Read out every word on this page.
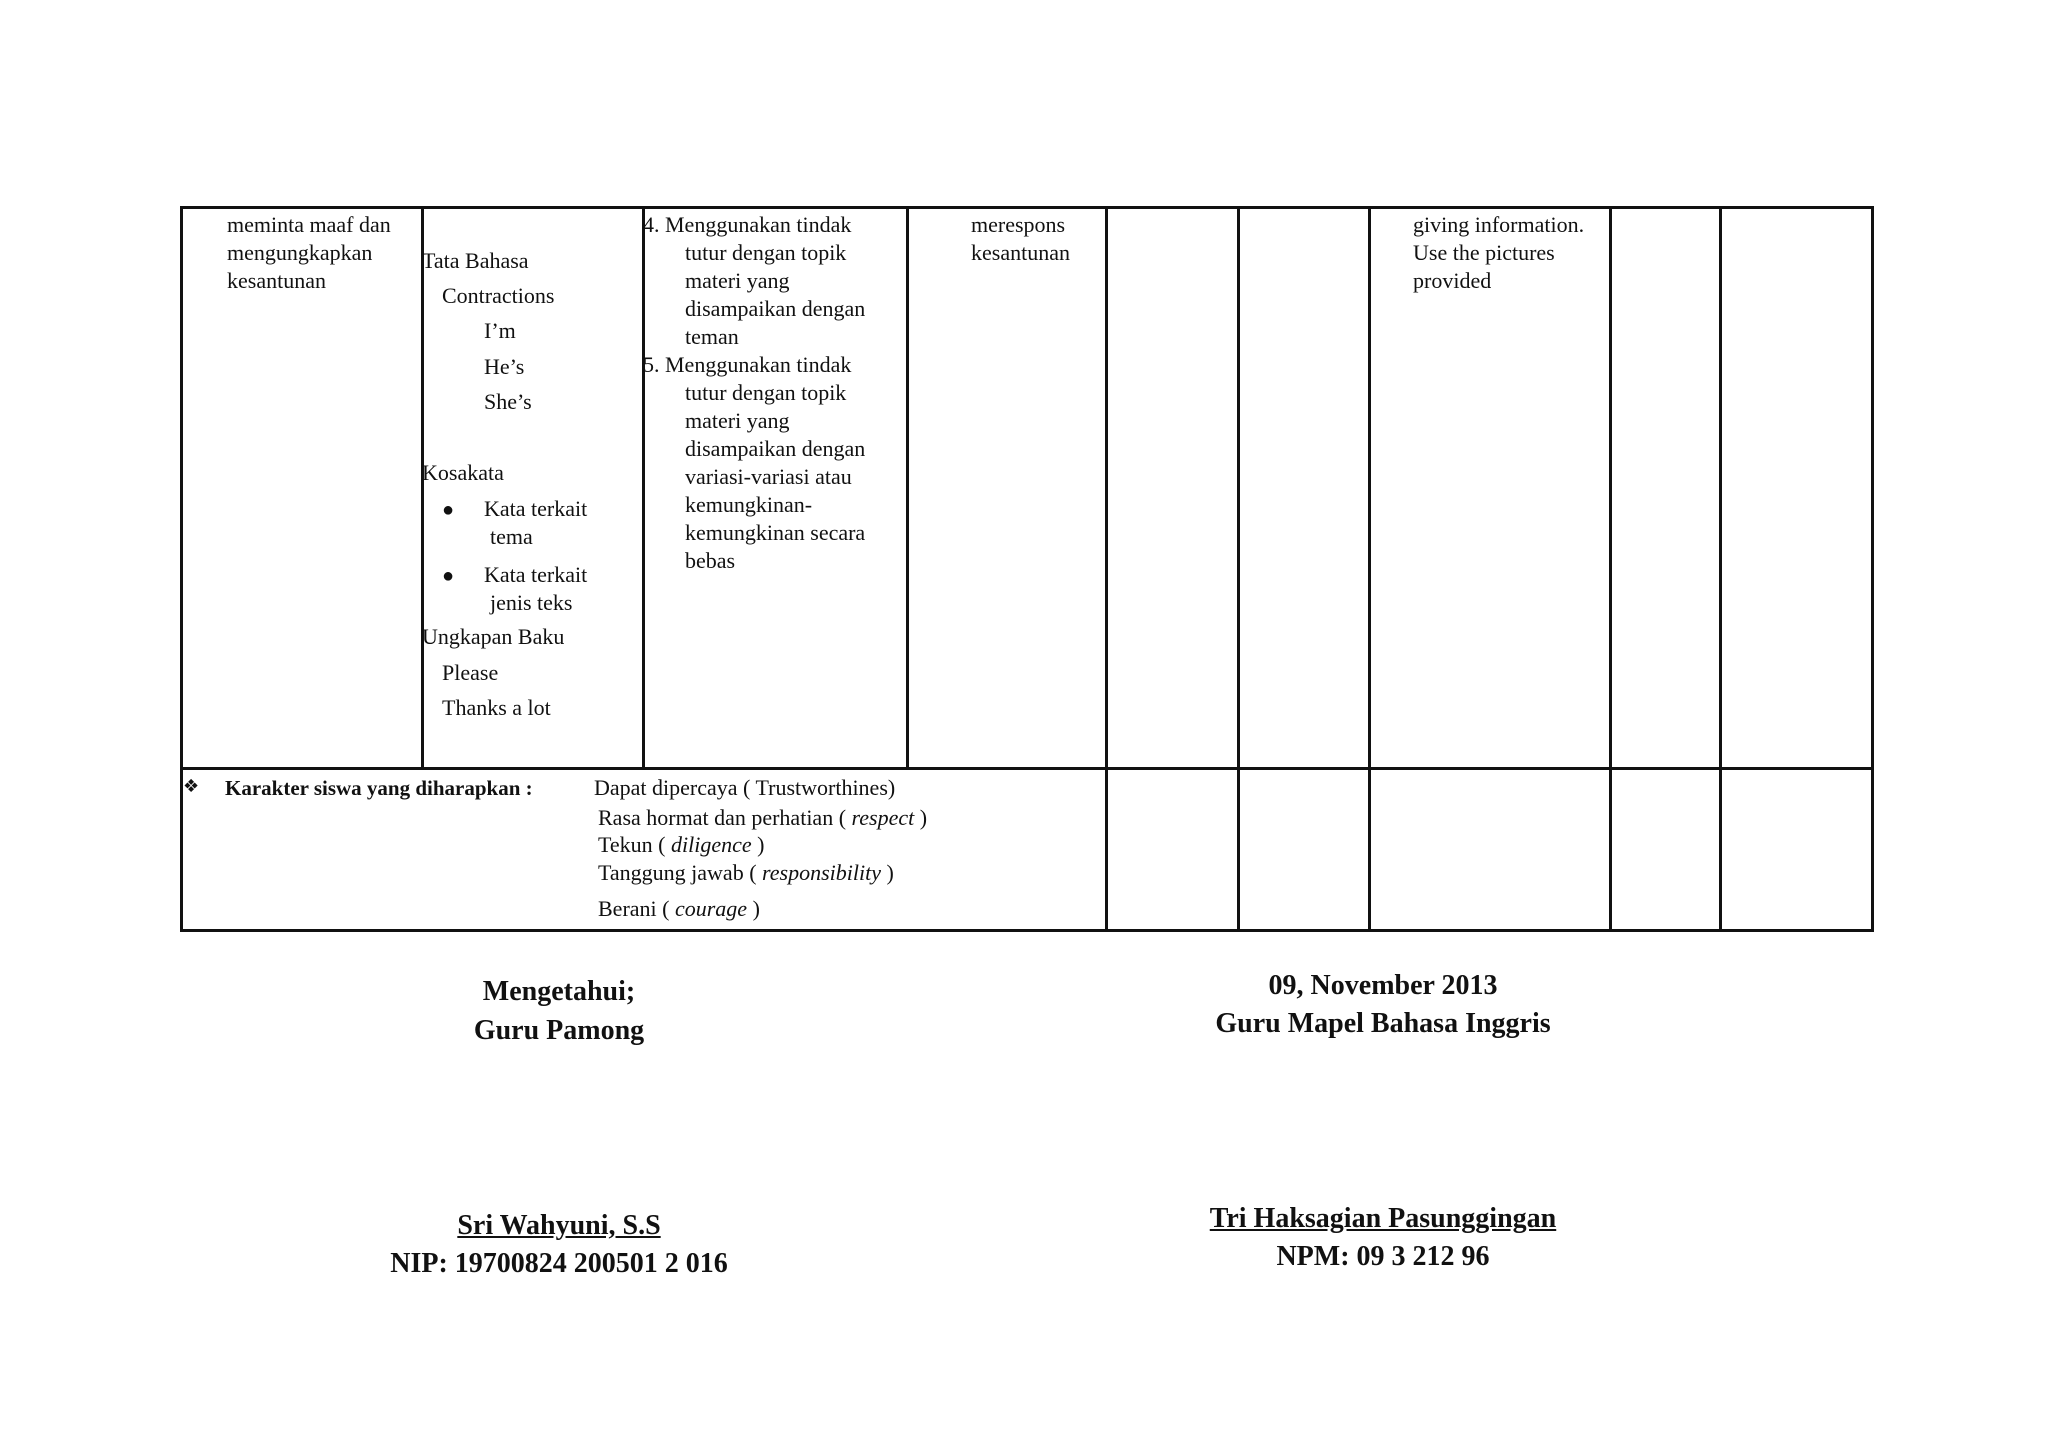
meminta maaf dan
mengungkapkan
kesantunan
Tata Bahasa
Contractions
I’m
He’s
She’s
Kosakata
● Kata terkait
tema
● Kata terkait
jenis teks
Ungkapan Baku
Please
Thanks a lot
4. Menggunakan tindak
tutur dengan topik
materi yang
disampaikan dengan
teman
5. Menggunakan tindak
tutur dengan topik
materi yang
disampaikan dengan
variasi-variasi atau
kemungkinan-
kemungkinan secara
bebas
merespons
kesantunan
giving information.
Use the pictures
provided
❖ Karakter siswa yang diharapkan :	Dapat dipercaya ( Trustworthines)
Rasa hormat dan perhatian ( respect )
Tekun ( diligence )
Tanggung jawab ( responsibility )
Berani ( courage )
Mengetahui;
Guru Pamong
Sri Wahyuni, S.S
NIP: 19700824 200501 2 016
09, November 2013
Guru Mapel Bahasa Inggris
Tri Haksagian Pasunggingan
NPM: 09 3 212 96
